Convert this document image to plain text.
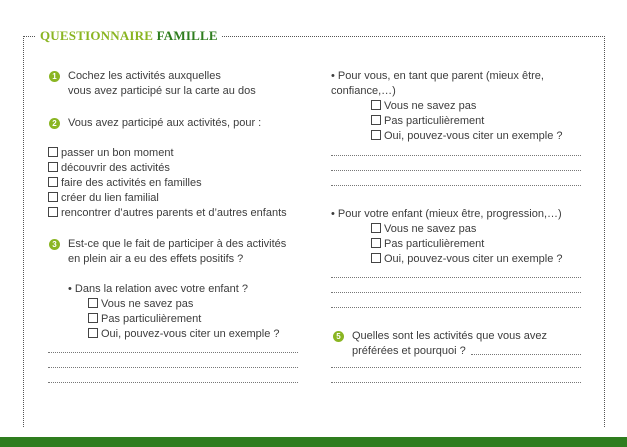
QUESTIONNAIRE FAMILLE
1 Cochez les activités auxquelles
vous avez participé sur la carte au dos
2 Vous avez participé aux activités, pour :
passer un bon moment
découvrir des activités
faire des activités en familles
créer du lien familial
rencontrer d’autres parents et d’autres enfants
3 Est-ce que le fait de participer à des activités
en plein air a eu des effets positifs ?
• Dans la relation avec votre enfant ?
Vous ne savez pas
Pas particulièrement
Oui, pouvez-vous citer un exemple ?
• Pour vous, en tant que parent (mieux être,
confiance,…)
Vous ne savez pas
Pas particulièrement
Oui, pouvez-vous citer un exemple ?
• Pour votre enfant (mieux être, progression,…)
Vous ne savez pas
Pas particulièrement
Oui, pouvez-vous citer un exemple ?
5 Quelles sont les activités que vous avez
préférées et pourquoi ?
